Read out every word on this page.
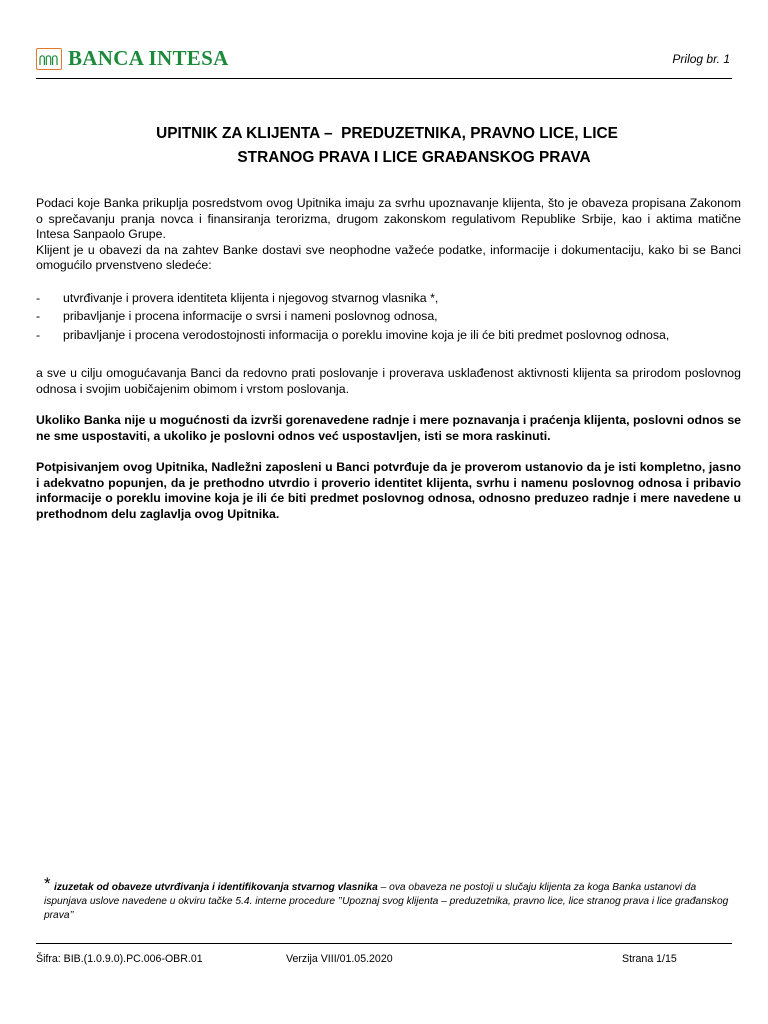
BANCA INTESA	Prilog br. 1
UPITNIK ZA KLIJENTA –  PREDUZETNIKA, PRAVNO LICE, LICE
STRANOG PRAVA I LICE GRAĐANSKOG PRAVA

Podaci koje Banka prikuplja posredstvom ovog Upitnika imaju za svrhu upoznavanje klijenta, što je obaveza propisana Zakonom o sprečavanju pranja novca i finansiranja terorizma, drugom zakonskom regulativom Republike Srbije, kao i aktima matične Intesa Sanpaolo Grupe.

Klijent je u obavezi da na zahtev Banke dostavi sve neophodne važeće podatke, informacije i dokumentaciju, kako bi se Banci omogućilo prvenstveno sledeće:

- utvrđivanje i provera identiteta klijenta i njegovog stvarnog vlasnika *,
- pribavljanje i procena informacije o svrsi i nameni poslovnog odnosa,
- pribavljanje i procena verodostojnosti informacija o poreklu imovine koja je ili će biti predmet poslovnog odnosa,

a sve u cilju omogućavanja Banci da redovno prati poslovanje i proverava usklađenost aktivnosti klijenta sa prirodom poslovnog odnosa i svojim uobičajenim obimom i vrstom poslovanja.

Ukoliko Banka nije u mogućnosti da izvrši gorenavedene radnje i mere poznavanja i praćenja klijenta, poslovni odnos se ne sme uspostaviti, a ukoliko je poslovni odnos već uspostavljen, isti se mora raskinuti.

Potpisivanjem ovog Upitnika, Nadležni zaposleni u Banci potvrđuje da je proverom ustanovio da je isti kompletno, jasno i adekvatno popunjen, da je prethodno utvrdio i proverio identitet klijenta, svrhu i namenu poslovnog odnosa i pribavio informacije o poreklu imovine koja je ili će biti predmet poslovnog odnosa, odnosno preduzeo radnje i mere navedene u prethodnom delu zaglavlja ovog Upitnika.

* izuzetak od obaveze utvrđivanja i identifikovanja stvarnog vlasnika – ova obaveza ne postoji u slučaju klijenta za koga Banka ustanovi da ispunjava uslove navedene u okviru tačke 5.4. interne procedure ’’Upoznaj svog klijenta – preduzetnika, pravno lice, lice stranog prava i lice građanskog prava’’
Šifra: BIB.(1.0.9.0).PC.006-OBR.01	Verzija VIII/01.05.2020	Strana 1/15
